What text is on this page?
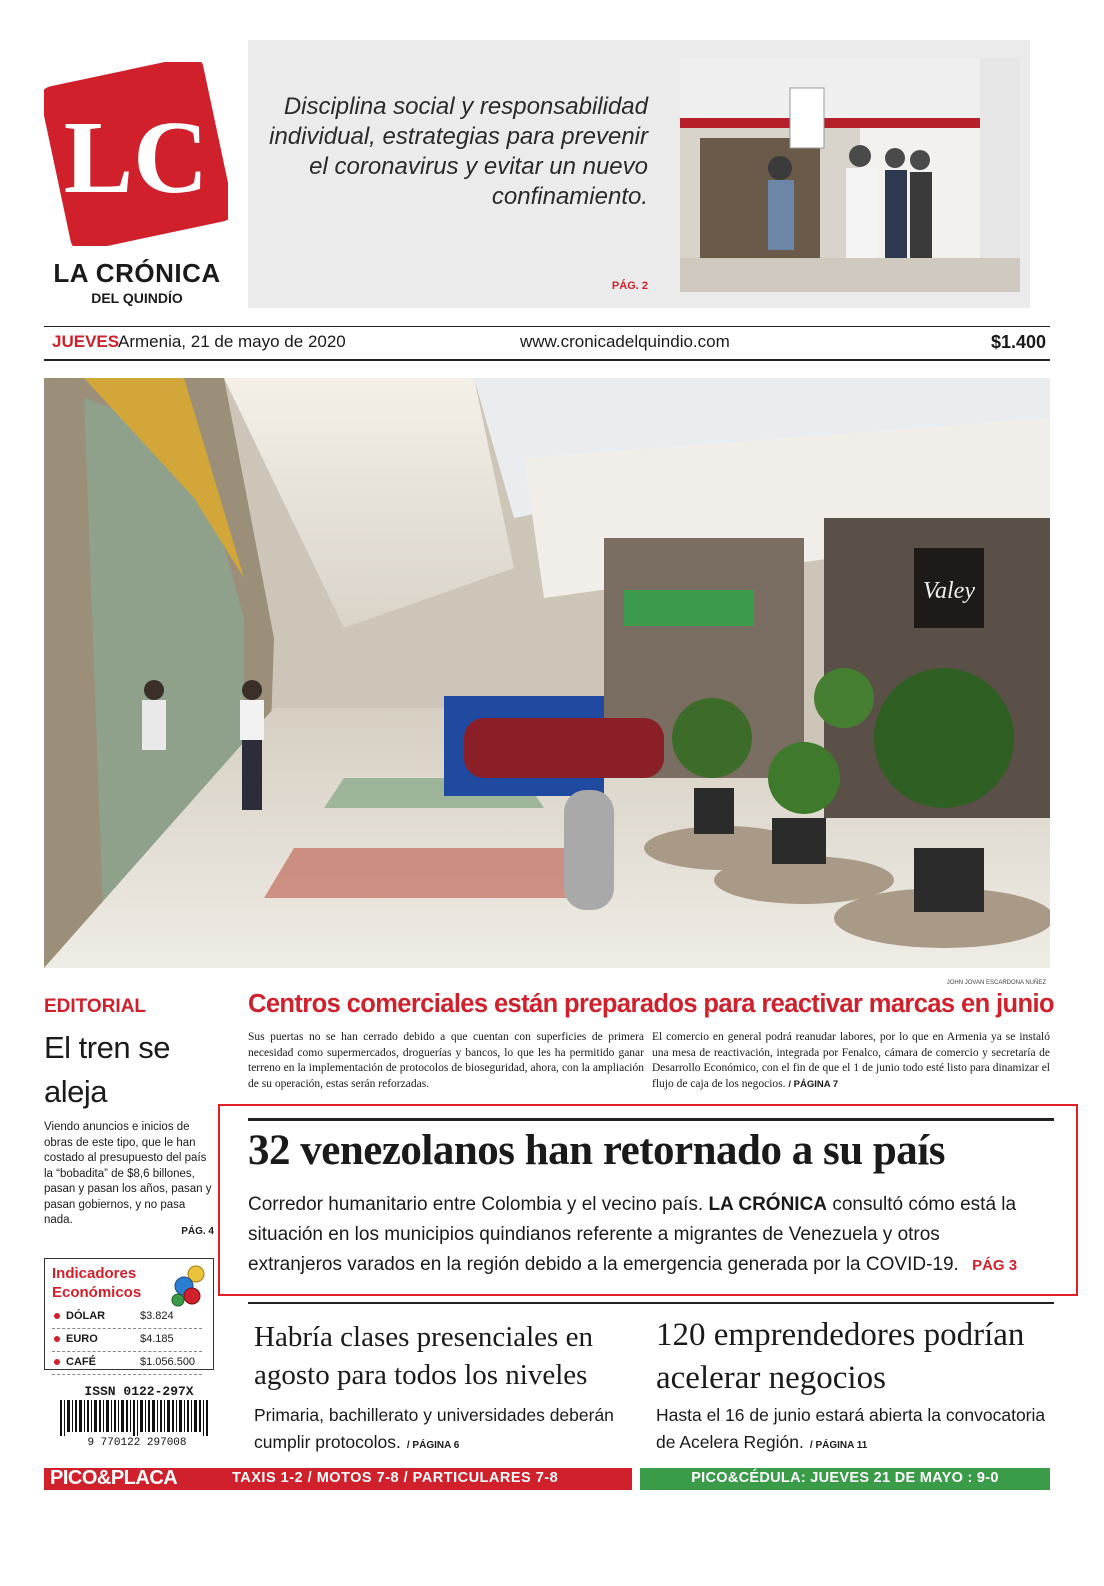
LC
LA CRÓNICA
DEL QUINDÍO
Disciplina social y responsabilidad individual, estrategias para prevenir el coronavirus y evitar un nuevo confinamiento.
PÁG. 2
JUEVES
Armenia, 21 de mayo de 2020	www.cronicadelquindio.com	$1.400
Valey
JOHN JOVAN ESCARDONA NUÑEZ
EDITORIAL
El tren se aleja
Viendo anuncios e inicios de obras de este tipo, que le han costado al presupuesto del país la “bobadita” de $8,6 billones, pasan y pasan los años, pasan y pasan gobiernos, y no pasa nada.
PÁG. 4
Indicadores Económicos
DÓLAR	$3.824
EURO	$4.185
CAFÉ	$1.056.500
ISSN 0122-297X
9 770122 297008
Centros comerciales están preparados para reactivar marcas en junio
Sus puertas no se han cerrado debido a que cuentan con superficies de primera necesidad como supermercados, droguerías y bancos, lo que les ha permitido ganar terreno en la implementación de protocolos de bioseguridad, ahora, con la ampliación de su operación, estas serán reforzadas.
El comercio en general podrá reanudar labores, por lo que en Armenia ya se instaló una mesa de reactivación, integrada por Fenalco, cámara de comercio y secretaría de Desarrollo Económico, con el fin de que el 1 de junio todo esté listo para dinamizar el flujo de caja de los negocios. / PÁGINA 7
32 venezolanos han retornado a su país
Corredor humanitario entre Colombia y el vecino país. LA CRÓNICA consultó cómo está la situación en los municipios quindianos referente a migrantes de Venezuela y otros extranjeros varados en la región debido a la emergencia generada por la COVID-19. PÁG 3
Habría clases presenciales en agosto para todos los niveles
Primaria, bachillerato y universidades deberán cumplir protocolos. / PÁGINA 6
120 emprendedores podrían acelerar negocios
Hasta el 16 de junio estará abierta la convocatoria de Acelera Región. / PÁGINA 11
PICO&PLACA	TAXIS 1-2 / MOTOS 7-8 / PARTICULARES 7-8	PICO&CÉDULA: JUEVES 21 DE MAYO : 9-0
